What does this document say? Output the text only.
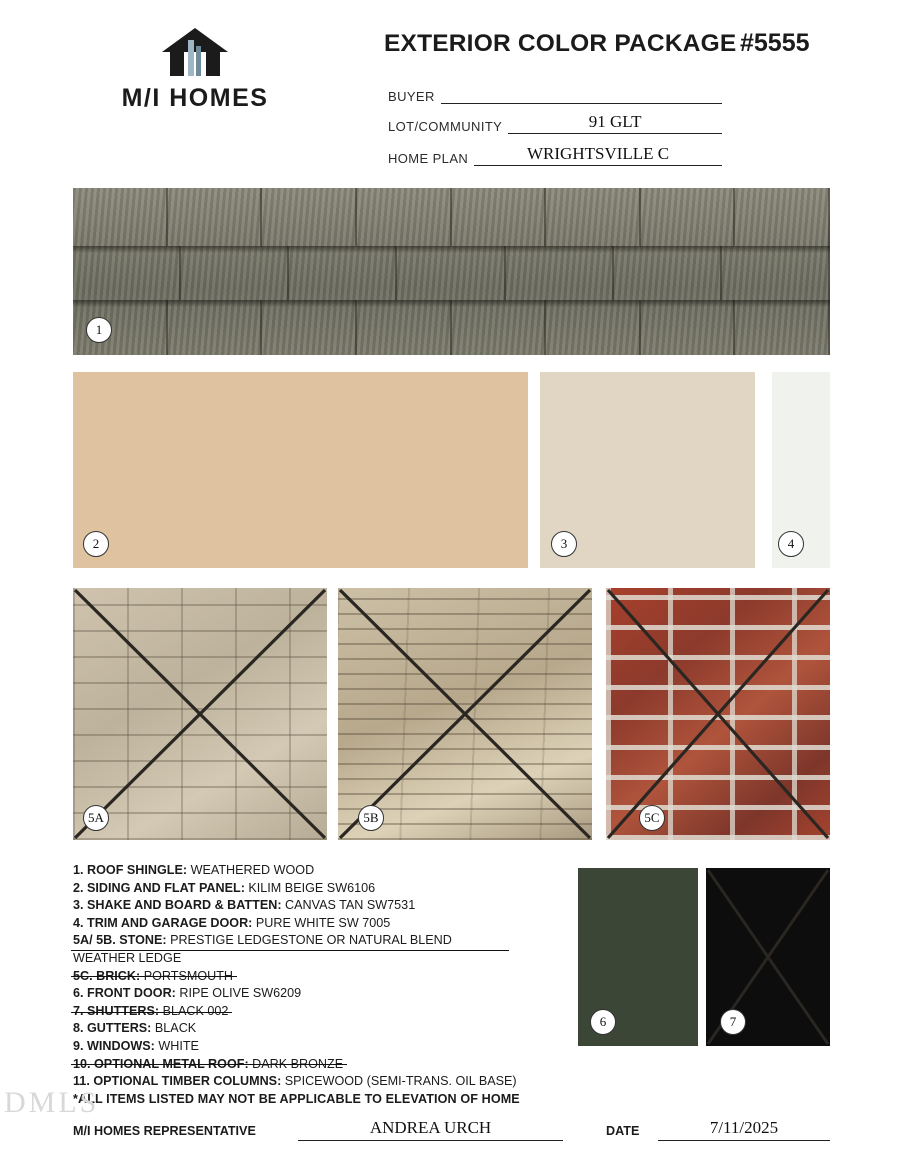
M/I HOMES
EXTERIOR COLOR PACKAGE #5555
BUYER
LOT/COMMUNITY	91 GLT
HOME PLAN	WRIGHTSVILLE C
1
2	3	4
5A	5B	5C
6	7
1. ROOF SHINGLE: WEATHERED WOOD
2. SIDING AND FLAT PANEL: KILIM BEIGE SW6106
3. SHAKE AND BOARD & BATTEN: CANVAS TAN SW7531
4. TRIM AND GARAGE DOOR: PURE WHITE SW 7005
5A/ 5B. STONE: PRESTIGE LEDGESTONE OR NATURAL BLEND WEATHER LEDGE
5C. BRICK: PORTSMOUTH
6. FRONT DOOR: RIPE OLIVE SW6209
7. SHUTTERS: BLACK 002
8. GUTTERS: BLACK
9. WINDOWS: WHITE
10. OPTIONAL METAL ROOF: DARK BRONZE
11. OPTIONAL TIMBER COLUMNS: SPICEWOOD (SEMI-TRANS. OIL BASE)
*ALL ITEMS LISTED MAY NOT BE APPLICABLE TO ELEVATION OF HOME
M/I HOMES REPRESENTATIVE	ANDREA URCH	DATE	7/11/2025
DMLS
